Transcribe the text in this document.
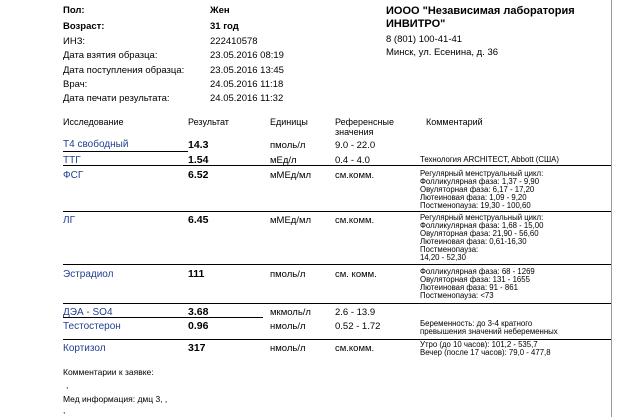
Пол:	Жен
Возраст:	31 год
ИНЗ:	222410578
Дата взятия образца:	23.05.2016 08:19
Дата поступления образца:	23.05.2016 13:45
Врач:	24.05.2016 11:18
Дата печати результата:	24.05.2016 11:32
ИООО "Независимая лаборатория
ИНВИТРО"
8 (801) 100-41-41
Минск, ул. Есенина, д. 36
Исследование	Результат	Единицы	Референсные
значения
Комментарий
Т4 свободный	14.3	пмоль/л	9.0 - 22.0
ТТГ	1.54	мЕд/л	0.4 - 4.0	Технология ARCHITECT, Abbott (США)
ФСГ	6.52	мМЕд/мл	см.комм.	Регулярный менструальный цикл:
Фолликулярная фаза: 1,37 - 9,90
Овуляторная фаза: 6,17 - 17,20
Лютеиновая фаза: 1,09 - 9,20
Постменопауза: 19,30 - 100,60
ЛГ	6.45	мМЕд/мл	см.комм.	Регулярный менструальный цикл:
Фолликулярная фаза: 1,68 - 15,00
Овуляторная фаза: 21,90 - 56,60
Лютеиновая фаза: 0,61-16,30
Постменопауза:
14,20 - 52,30
Эстрадиол	111	пмоль/л	см. комм.	Фолликулярная фаза: 68 - 1269
Овуляторная фаза: 131 - 1655
Лютеиновая фаза: 91 - 861
Постменопауза: <73
ДЭА - SO4	3.68	мкмоль/л	2.6 - 13.9
Тестостерон	0.96	нмоль/л	0.52 - 1.72	Беременность: до 3-4 кратного
превышения значений небеременных
Кортизол	317	нмоль/л	см.комм.	Утро (до 10 часов): 101,2 - 535,7
Вечер (после 17 часов): 79,0 - 477,8
Комментарии к заявке:
,
Мед информация: дмц 3, ,
,
